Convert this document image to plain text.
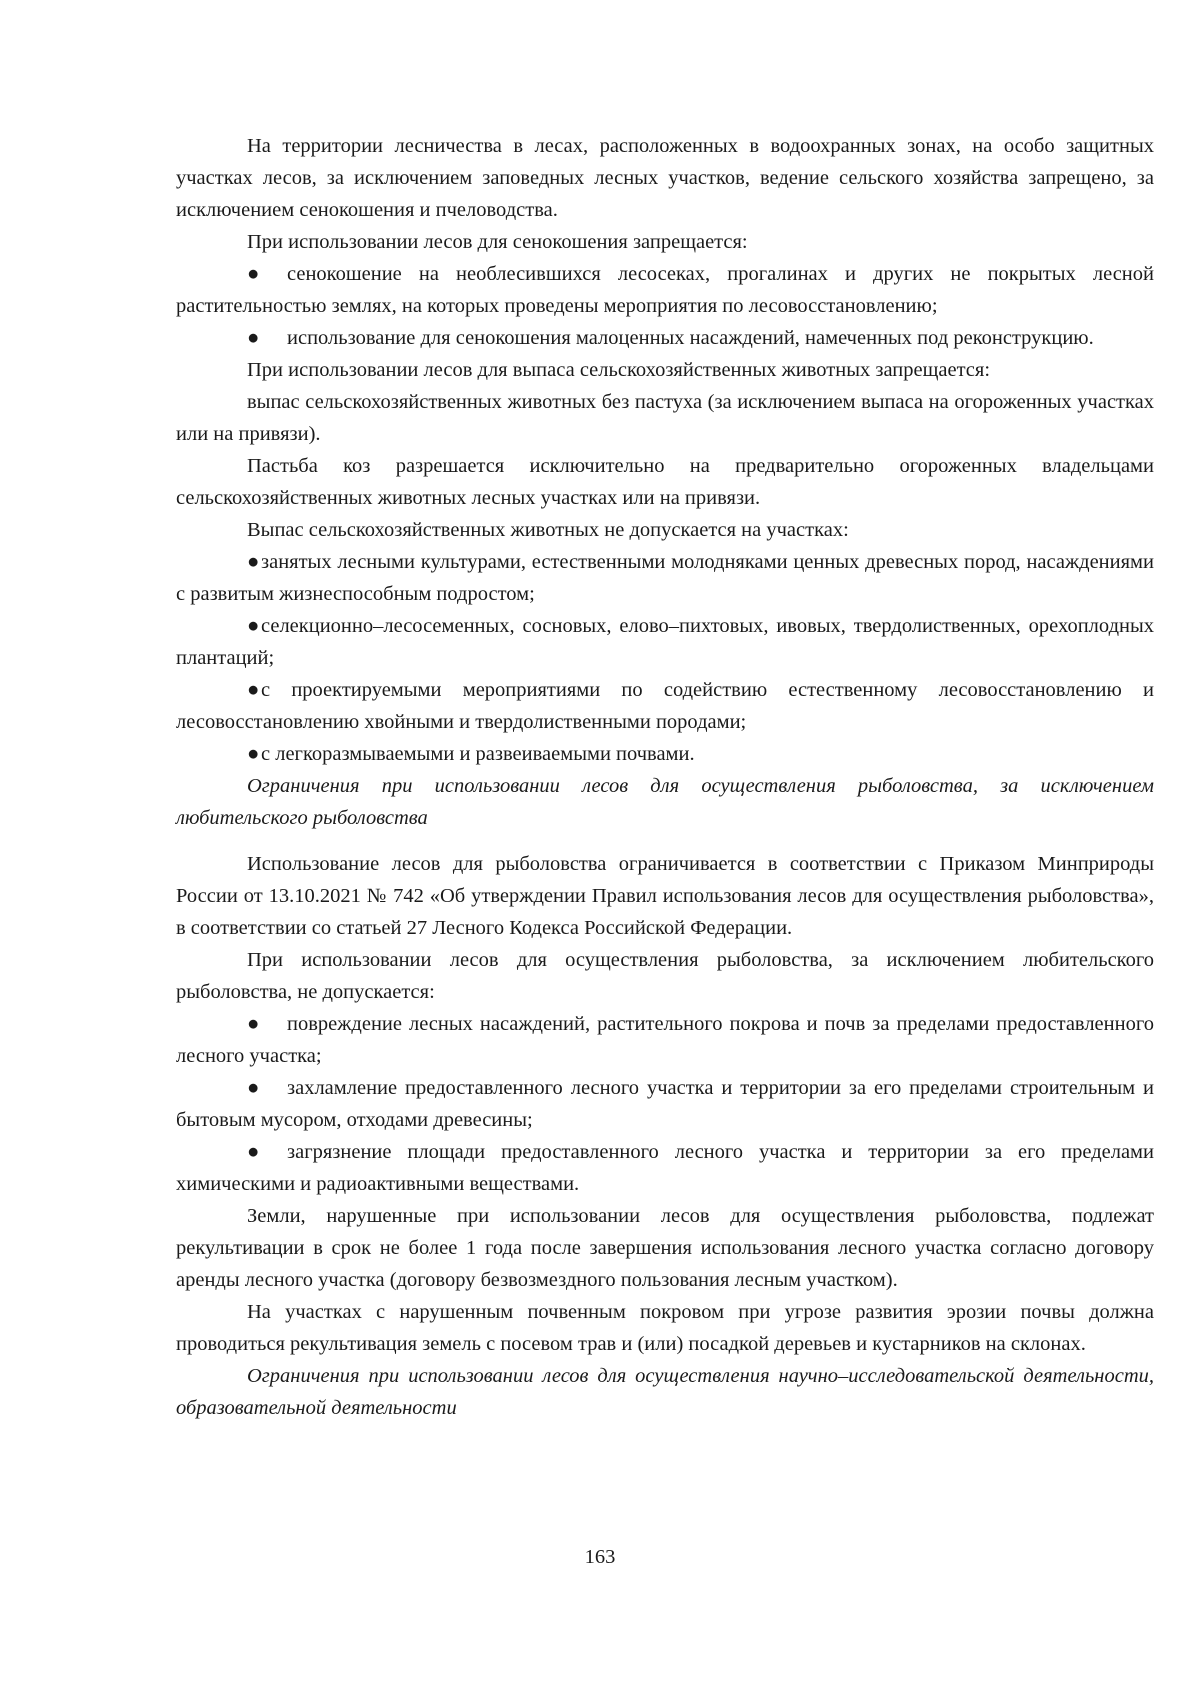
На территории лесничества в лесах, расположенных в водоохранных зонах, на особо защитных участках лесов, за исключением заповедных лесных участков, ведение сельского хозяйства запрещено, за исключением сенокошения и пчеловодства.

При использовании лесов для сенокошения запрещается:

● сенокошение на необлесившихся лесосеках, прогалинах и других не покрытых лесной растительностью землях, на которых проведены мероприятия по лесовосстановлению;

● использование для сенокошения малоценных насаждений, намеченных под реконструкцию.

При использовании лесов для выпаса сельскохозяйственных животных запрещается:

выпас сельскохозяйственных животных без пастуха (за исключением выпаса на огороженных участках или на привязи).

Пастьба коз разрешается исключительно на предварительно огороженных владельцами сельскохозяйственных животных лесных участках или на привязи.

Выпас сельскохозяйственных животных не допускается на участках:

●занятых лесными культурами, естественными молодняками ценных древесных пород, насаждениями с развитым жизнеспособным подростом;

●селекционно–лесосеменных, сосновых, елово–пихтовых, ивовых, твердолиственных, орехоплодных плантаций;

●с проектируемыми мероприятиями по содействию естественному лесовосстановлению и лесовосстановлению хвойными и твердолиственными породами;

●с легкоразмываемыми и развеиваемыми почвами.

Ограничения при использовании лесов для осуществления рыболовства, за исключением любительского рыболовства

Использование лесов для рыболовства ограничивается в соответствии с Приказом Минприроды России от 13.10.2021 № 742 «Об утверждении Правил использования лесов для осуществления рыболовства», в соответствии со статьей 27 Лесного Кодекса Российской Федерации.

При использовании лесов для осуществления рыболовства, за исключением любительского рыболовства, не допускается:

● повреждение лесных насаждений, растительного покрова и почв за пределами предоставленного лесного участка;

● захламление предоставленного лесного участка и территории за его пределами строительным и бытовым мусором, отходами древесины;

● загрязнение площади предоставленного лесного участка и территории за его пределами химическими и радиоактивными веществами.

Земли, нарушенные при использовании лесов для осуществления рыболовства, подлежат рекультивации в срок не более 1 года после завершения использования лесного участка согласно договору аренды лесного участка (договору безвозмездного пользования лесным участком).

На участках с нарушенным почвенным покровом при угрозе развития эрозии почвы должна проводиться рекультивация земель с посевом трав и (или) посадкой деревьев и кустарников на склонах.

Ограничения при использовании лесов для осуществления научно–исследовательской деятельности, образовательной деятельности

163
